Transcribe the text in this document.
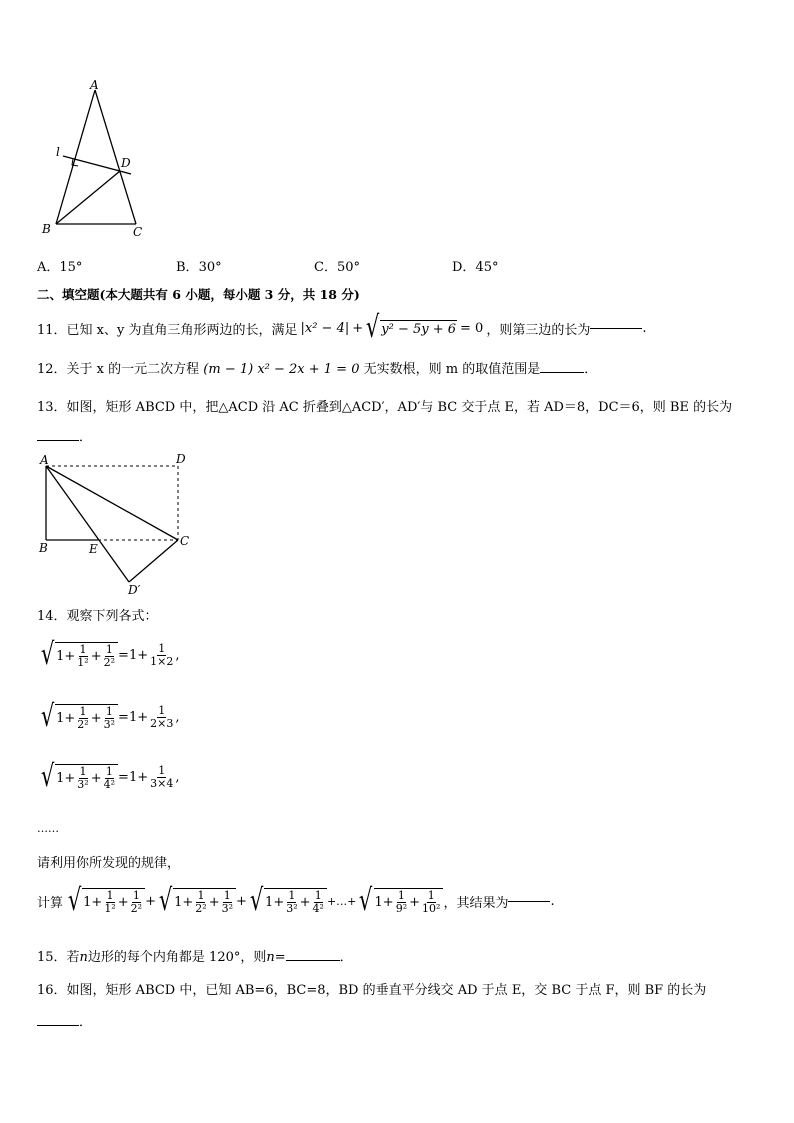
A
l
D
B	C
A．15°	B．30°	C．50°	D．45°
二、填空题(本大题共有 6 小题，每小题 3 分，共 18 分)
11．已知 x、y 为直角三角形两边的长，满足 |x² − 4| + √ y² − 5y + 6 = 0 ，则第三边的长为	.
12．关于 x 的一元二次方程 (m − 1) x² − 2x + 1 = 0 无实数根，则 m 的取值范围是	．
13．如图，矩形 ABCD 中，把△ACD 沿 AC 折叠到△ACD′，AD′与 BC 交于点 E，若 AD＝8，DC＝6，则 BE 的长为
．
A	D
B	E
C
D′
14．观察下列各式：
√ $1+ \frac{1}{\text{1²}} + \frac{1}{\text{2²}} =1+ \frac{1}{1\times 2}$ ,
√ $1+ \frac{1}{\text{2²}} + \frac{1}{\text{3²}} =1+ \frac{1}{2\times 3}$ ,
√ $1+ \frac{1}{\text{3²}} + \frac{1}{\text{4²}} =1+ \frac{1}{3\times 4}$ ,
……
请利用你所发现的规律，
计算 √ $1+ \frac{1}{\text{1²}} + \frac{1}{\text{2²}}$ + √ $1+ \frac{1}{\text{2²}} + \frac{1}{\text{3²}}$ + √ $1+ \frac{1}{\text{3²}} + \frac{1}{\text{4²}}$ +…+ √ $1+ \frac{1}{\text{9²}} + \frac{1}{\text{10²}}$ ，其结果为	.
15．若n边形的每个内角都是 120°，则n=	．
16．如图，矩形 ABCD 中，已知 AB=6，BC=8，BD 的垂直平分线交 AD 于点 E，交 BC 于点 F，则 BF 的长为
．
